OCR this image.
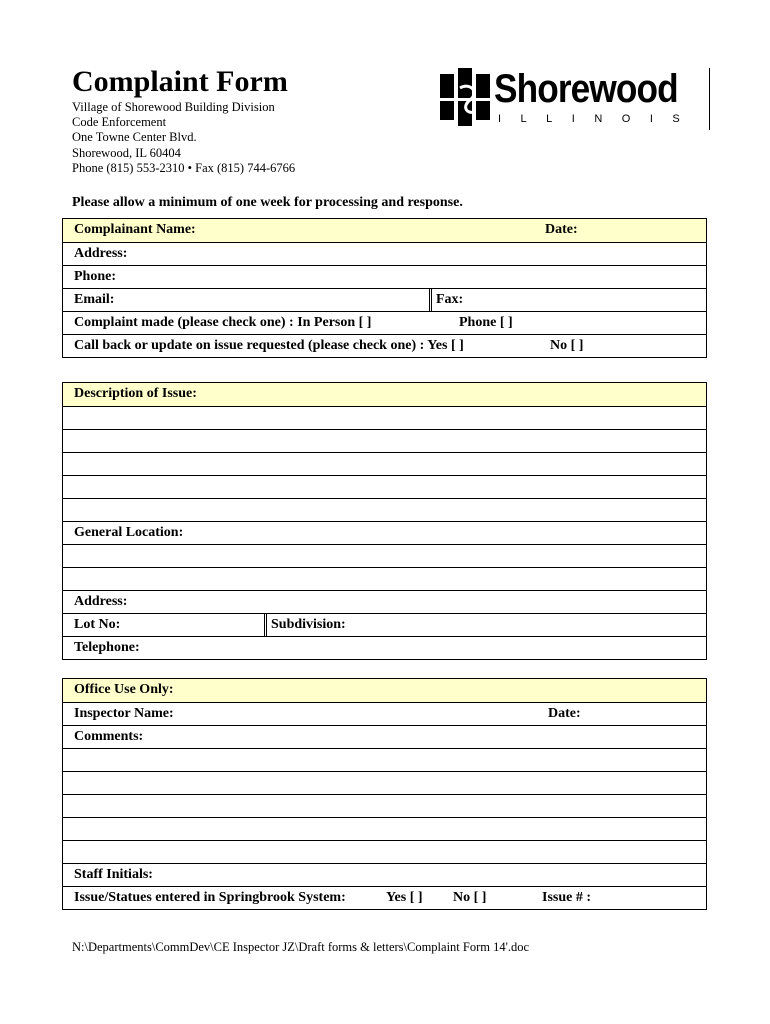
Complaint Form
Village of Shorewood Building Division
Code Enforcement
One Towne Center Blvd.
Shorewood, IL 60404
Phone (815) 553-2310 • Fax (815) 744-6766
Shorewood
ILLINOIS
Please allow a minimum of one week for processing and response.
Complainant Name:	Date:
Address:
Phone:
Email:	Fax:
Complaint made (please check one) : In Person [ ]	Phone [ ]
Call back or update on issue requested (please check one) : Yes [ ]	No [ ]
Description of Issue:
General Location:
Address:
Lot No:	Subdivision:
Telephone:
Office Use Only:
Inspector Name:	Date:
Comments:
Staff Initials:
Issue/Statues entered in Springbrook System:	Yes [ ] No [ ]	Issue # :
N:\Departments\CommDev\CE Inspector JZ\Draft forms & letters\Complaint Form 14'.doc
